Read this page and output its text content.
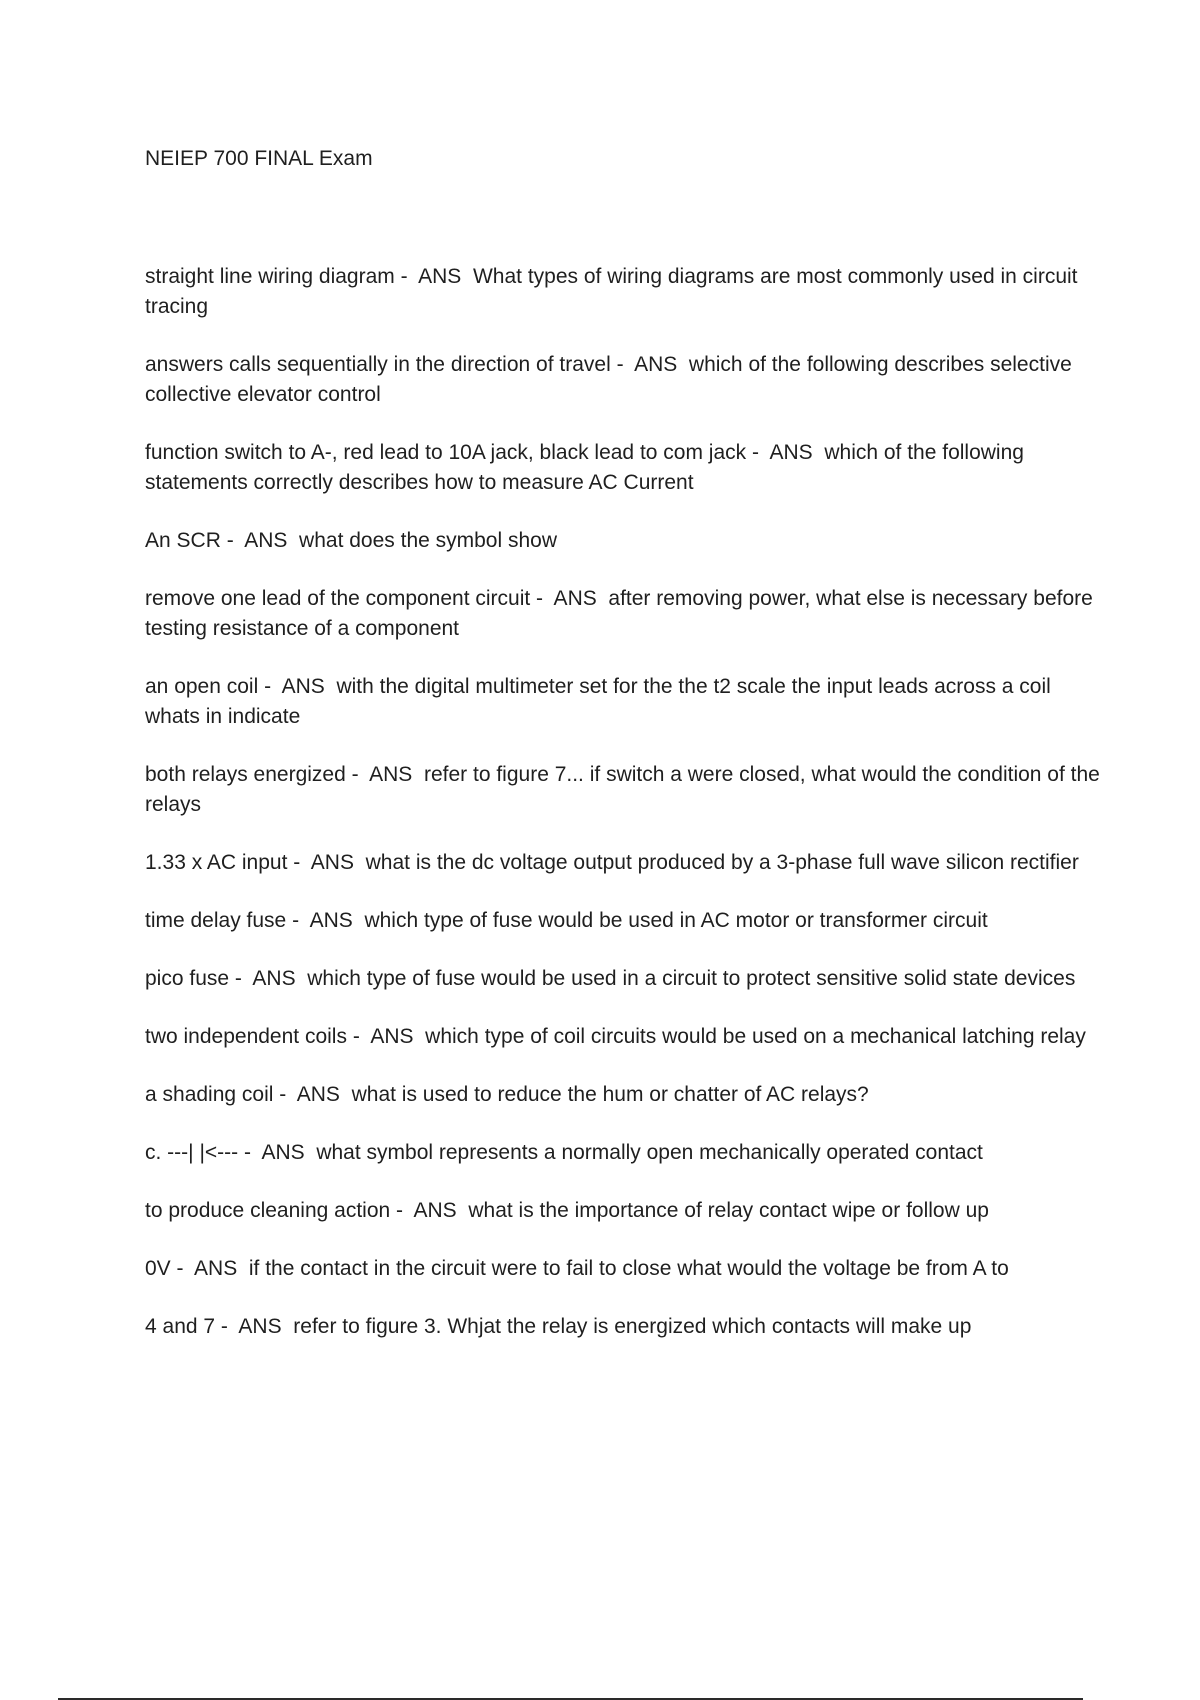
NEIEP 700 FINAL Exam
straight line wiring diagram -  ANS  What types of wiring diagrams are most commonly used in circuit tracing
answers calls sequentially in the direction of travel -  ANS  which of the following describes selective collective elevator control
function switch to A-, red lead to 10A jack, black lead to com jack -  ANS  which of the following statements correctly describes how to measure AC Current
An SCR -  ANS  what does the symbol show
remove one lead of the component circuit -  ANS  after removing power, what else is necessary before testing resistance of a component
an open coil -  ANS  with the digital multimeter set for the the t2 scale the input leads across a coil whats in indicate
both relays energized -  ANS  refer to figure 7... if switch a were closed, what would the condition of the relays
1.33 x AC input -  ANS  what is the dc voltage output produced by a 3-phase full wave silicon rectifier
time delay fuse -  ANS  which type of fuse would be used in AC motor or transformer circuit
pico fuse -  ANS  which type of fuse would be used in a circuit to protect sensitive solid state devices
two independent coils -  ANS  which type of coil circuits would be used on a mechanical latching relay
a shading coil -  ANS  what is used to reduce the hum or chatter of AC relays?
c. ---| |<--- -  ANS  what symbol represents a normally open mechanically operated contact
to produce cleaning action -  ANS  what is the importance of relay contact wipe or follow up
0V -  ANS  if the contact in the circuit were to fail to close what would the voltage be from A to
4 and 7 -  ANS  refer to figure 3. Whjat the relay is energized which contacts will make up
